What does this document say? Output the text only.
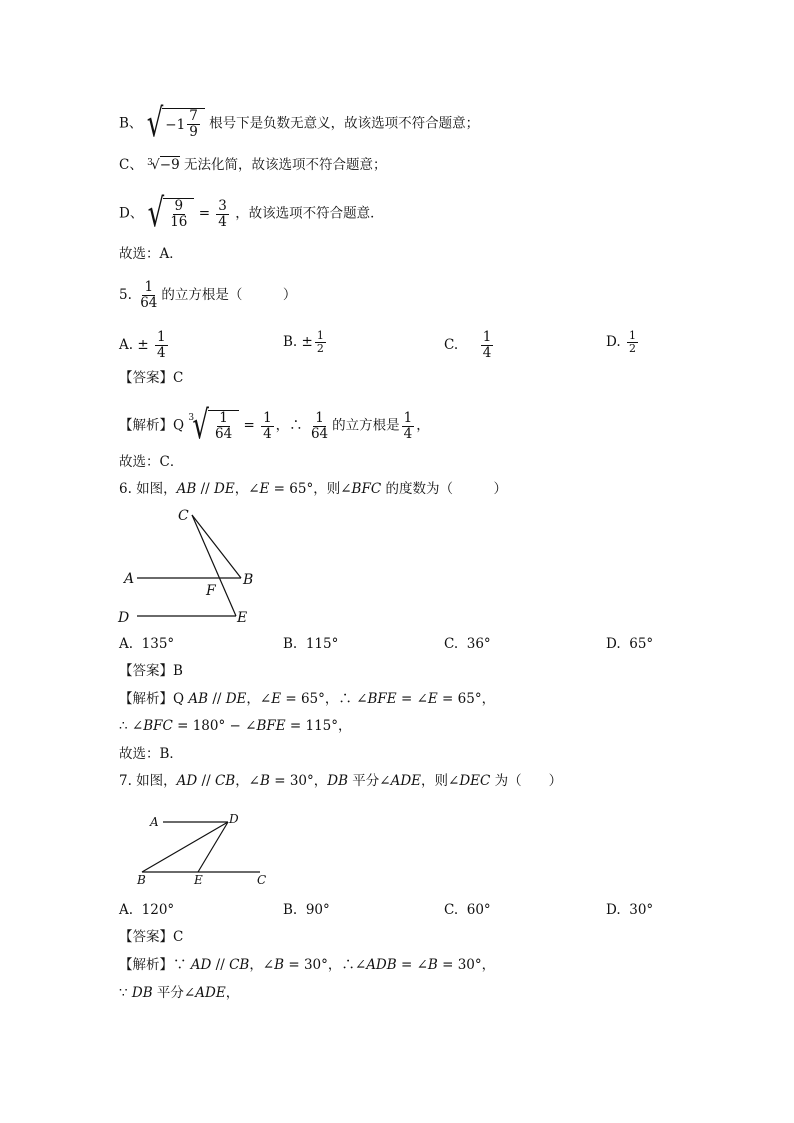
B、 √ $-1 \frac{7}{9}$ 根号下是负数无意义，故该选项不符合题意；
C、 $^3$ √−9 无法化简，故该选项不符合题意；
D、 √ $\frac{9}{16} = \frac{3}{4}$ ，故该选项不符合题意．
故选：A．
5. $\frac{1}{64}$ 的立方根是（　　　）
A. ± $\frac{1}{4}$	B. ± $\frac{1}{2}$	C. $\frac{1}{4}$	D. $\frac{1}{2}$
【答案】C
【解析】Q $^3$
√ $\frac{1}{64} = \frac{1}{4}$ ，∴ $\frac{1}{64}$ 的立方根是 $\frac{1}{4}$ ，
故选：C．
6. 如图，AB // DE，∠E = 65°，则∠BFC 的度数为（　　　）
C
A	B
F
D	E
A. 135°	B. 115°	C. 36°	D. 65°
【答案】B
【解析】Q AB // DE，∠E = 65°，∴ ∠BFE = ∠E = 65°，
∴ ∠BFC = 180° − ∠BFE = 115°，
故选：B．
7. 如图，AD // CB，∠B = 30°，DB 平分∠ADE，则∠DEC 为（　　）
A	D
B	E	C
A. 120°	B. 90°	C. 60°	D. 30°
【答案】C
【解析】∵ AD // CB，∠B = 30°，∴∠ADB = ∠B = 30°，
∵ DB 平分∠ADE，
